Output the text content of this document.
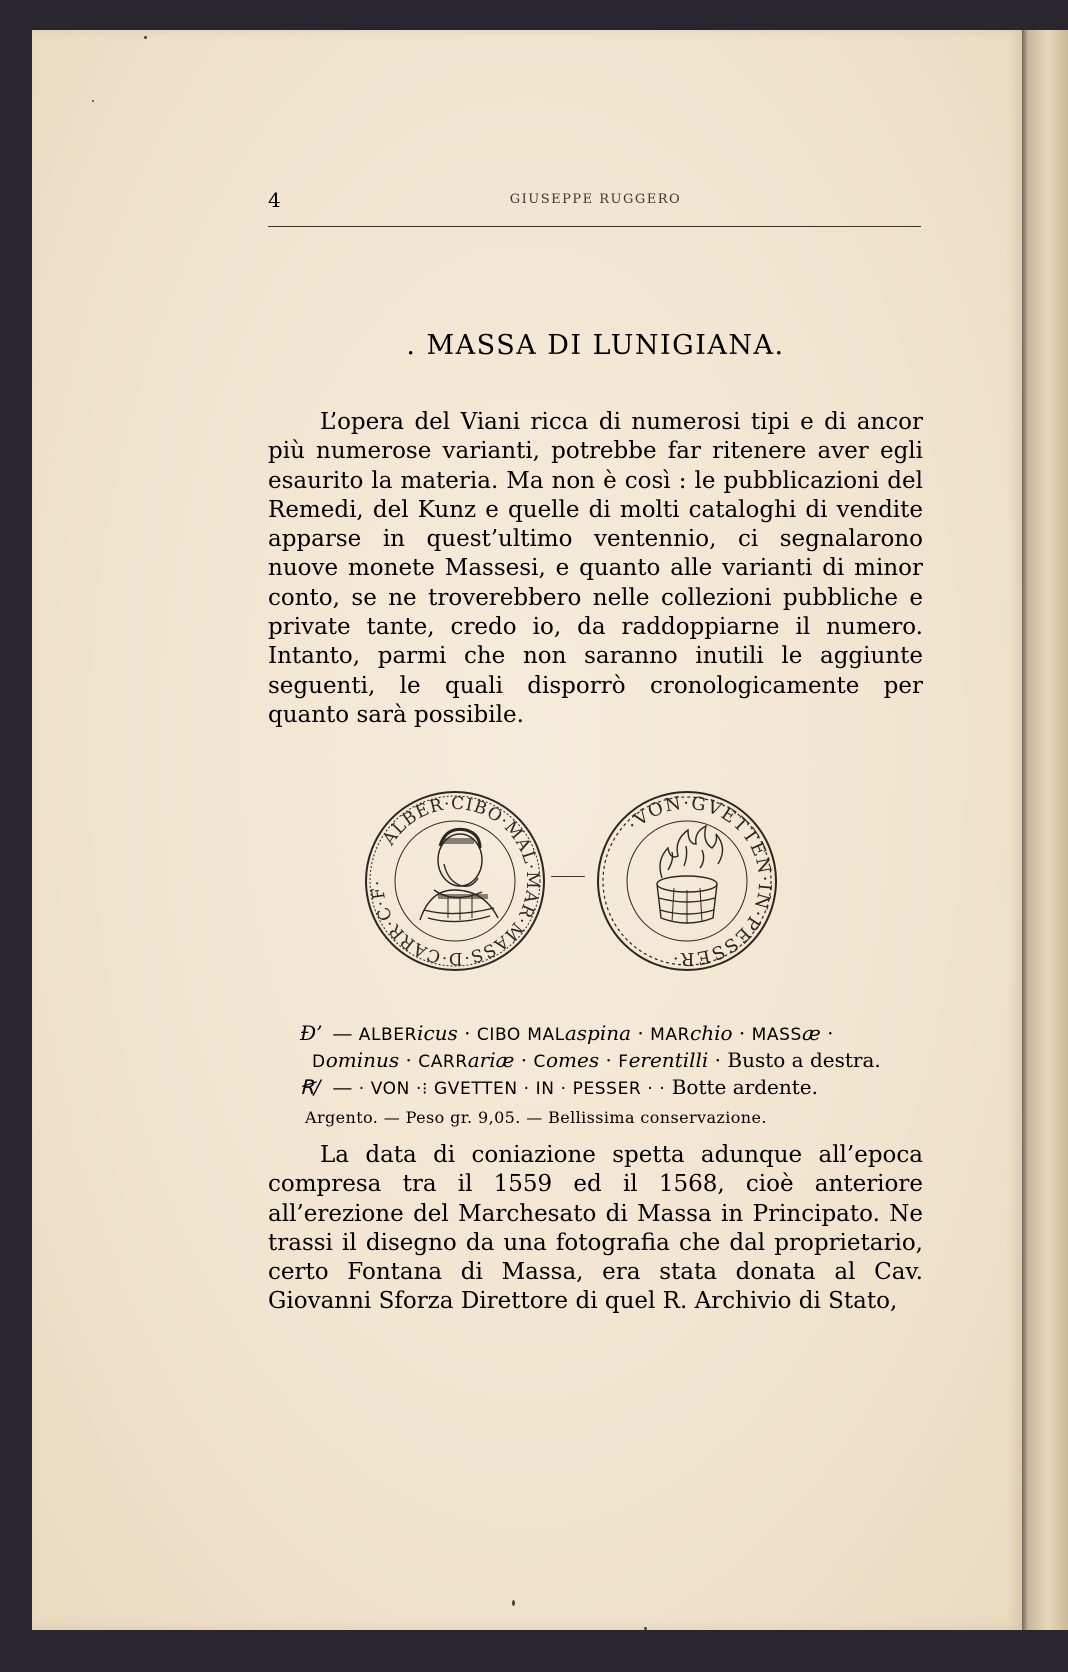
4	GIUSEPPE RUGGERO
. MASSA DI LUNIGIANA.

L’opera del Viani ricca di numerosi tipi e di ancor più numerose varianti, potrebbe far ritenere aver egli esaurito la materia. Ma non è così : le pubblicazioni del Remedi, del Kunz e quelle di molti cataloghi di vendite apparse in quest’ultimo ventennio, ci segnalarono nuove monete Massesi, e quanto alle varianti di minor conto, se ne troverebbero nelle collezioni pubbliche e private tante, credo io, da raddoppiarne il numero. Intanto, parmi che non saranno inutili le aggiunte seguenti, le quali disporrò cronologicamente per quanto sarà possibile.

ALBER·CIBO·MAL·MAR·MASS·D·CARR·C·F·
·VON·GVETTEN·IN·PESSER·
Ɖ’ — ALBERicus · CIBO MALaspina · MARchio · MASSæ ·
Dominus · CARRariæ · Comes · Ferentilli · Busto a destra.
Ꞧ/ — · VON ·⁝ GVETTEN · IN · PESSER · · Botte ardente.
Argento. — Peso gr. 9,05. — Bellissima conservazione.

La data di coniazione spetta adunque all’epoca compresa tra il 1559 ed il 1568, cioè anteriore all’erezione del Marchesato di Massa in Principato. Ne trassi il disegno da una fotografia che dal proprietario, certo Fontana di Massa, era stata donata al Cav. Giovanni Sforza Direttore di quel R. Archivio di Stato,
